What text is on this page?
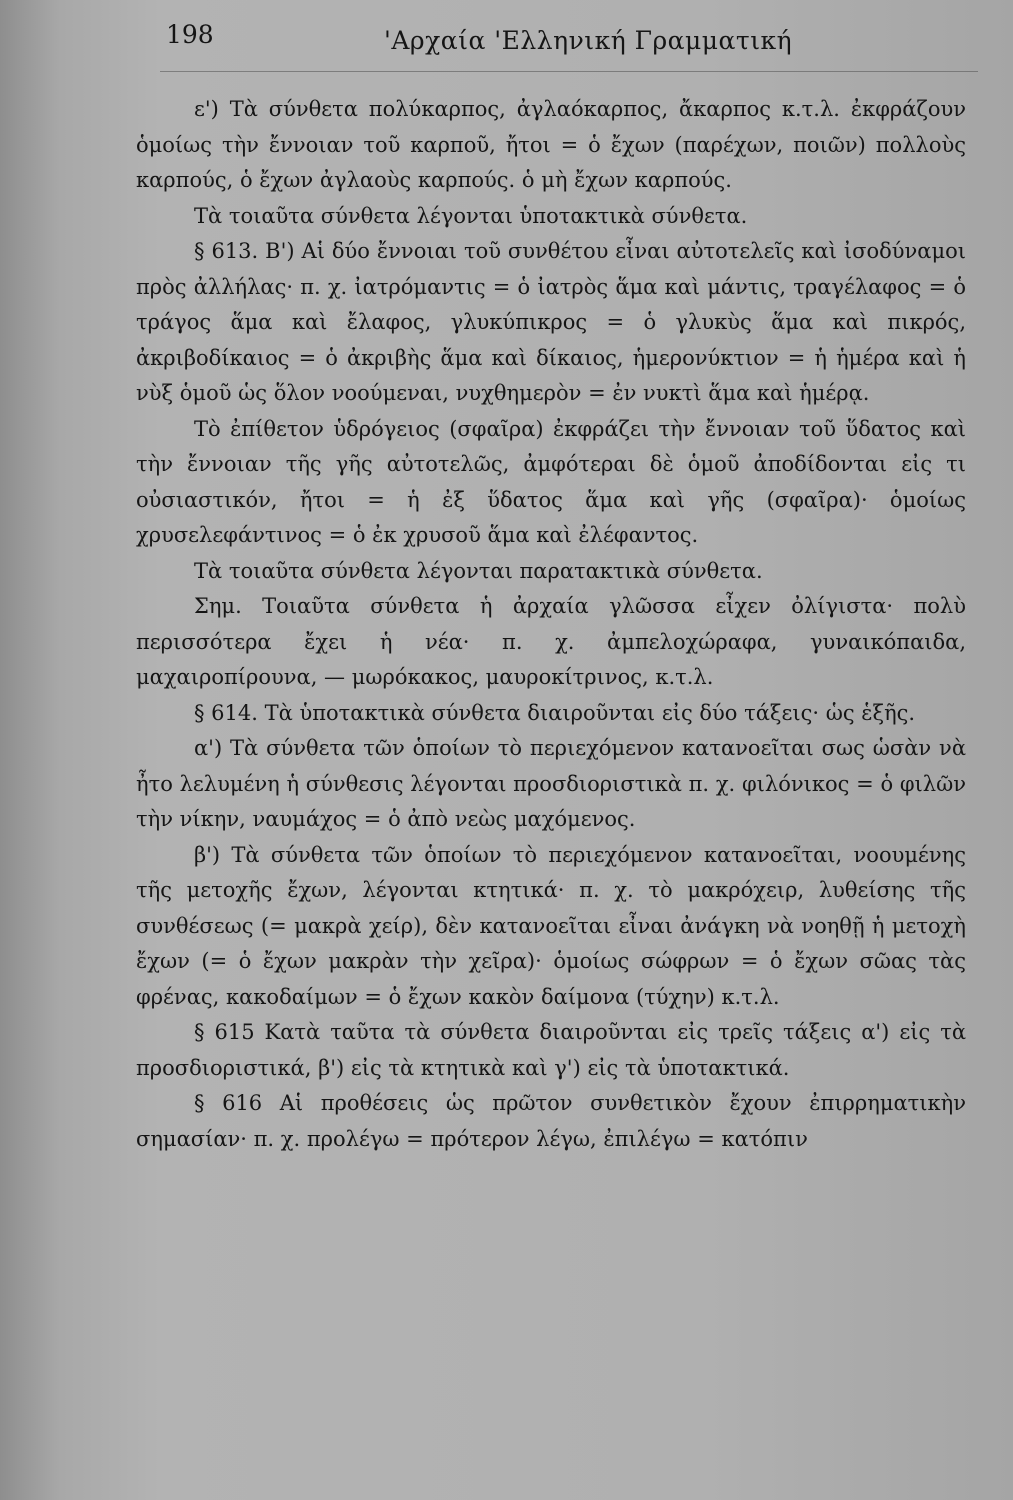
198	'Αρχαία 'Ελληνική Γραμματική

ε') Τὰ σύνθετα πολύκαρπος, ἀγλαόκαρπος, ἄκαρπος κ.τ.λ. ἐκφράζουν ὁμοίως τὴν ἔννοιαν τοῦ καρποῦ, ἤτοι = ὁ ἔχων (παρέχων, ποιῶν) πολλοὺς καρπούς, ὁ ἔχων ἀγλαοὺς καρπούς. ὁ μὴ ἔχων καρπούς.

Τὰ τοιαῦτα σύνθετα λέγονται ὑποτακτικὰ σύνθετα.

§ 613. Β') Αἱ δύο ἔννοιαι τοῦ συνθέτου εἶναι αὐτοτελεῖς καὶ ἰσοδύναμοι πρὸς ἀλλήλας· π. χ. ἰατρόμαντις = ὁ ἰατρὸς ἅμα καὶ μάντις, τραγέλαφος = ὁ τράγος ἅμα καὶ ἔλαφος, γλυκύπικρος = ὁ γλυκὺς ἅμα καὶ πικρός, ἀκριβοδίκαιος = ὁ ἀκριβὴς ἅμα καὶ δίκαιος, ἡμερονύκτιον = ἡ ἡμέρα καὶ ἡ νὺξ ὁμοῦ ὡς ὅλον νοούμεναι, νυχθημερὸν = ἐν νυκτὶ ἅμα καὶ ἡμέρᾳ.

Τὸ ἐπίθετον ὑδρόγειος (σφαῖρα) ἐκφράζει τὴν ἔννοιαν τοῦ ὕδατος καὶ τὴν ἔννοιαν τῆς γῆς αὐτοτελῶς, ἀμφότεραι δὲ ὁμοῦ ἀποδίδονται εἰς τι οὐσιαστικόν, ἤτοι = ἡ ἐξ ὕδατος ἅμα καὶ γῆς (σφαῖρα)· ὁμοίως χρυσελεφάντινος = ὁ ἐκ χρυσοῦ ἅμα καὶ ἐλέφαντος.

Τὰ τοιαῦτα σύνθετα λέγονται παρατακτικὰ σύνθετα.

Σημ. Τοιαῦτα σύνθετα ἡ ἀρχαία γλῶσσα εἶχεν ὀλίγιστα· πολὺ περισσότερα ἔχει ἡ νέα· π. χ. ἀμπελοχώραφα, γυναικόπαιδα, μαχαιροπίρουνα, — μωρόκακος, μαυροκίτρινος, κ.τ.λ.

§ 614. Τὰ ὑποτακτικὰ σύνθετα διαιροῦνται εἰς δύο τάξεις· ὡς ἑξῆς.

α') Τὰ σύνθετα τῶν ὁποίων τὸ περιεχόμενον κατανοεῖται σως ὡσὰν νὰ ἦτο λελυμένη ἡ σύνθεσις λέγονται προσδιοριστικὰ π. χ. φιλόνικος = ὁ φιλῶν τὴν νίκην, ναυμάχος = ὁ ἀπὸ νεὼς μαχόμενος.

β') Τὰ σύνθετα τῶν ὁποίων τὸ περιεχόμενον κατανοεῖται, νοουμένης τῆς μετοχῆς ἔχων, λέγονται κτητικά· π. χ. τὸ μακρόχειρ, λυθείσης τῆς συνθέσεως (= μακρὰ χείρ), δὲν κατανοεῖται εἶναι ἀνάγκη νὰ νοηθῇ ἡ μετοχὴ ἔχων (= ὁ ἔχων μακρὰν τὴν χεῖρα)· ὁμοίως σώφρων = ὁ ἔχων σῶας τὰς φρένας, κακοδαίμων = ὁ ἔχων κακὸν δαίμονα (τύχην) κ.τ.λ.

§ 615 Κατὰ ταῦτα τὰ σύνθετα διαιροῦνται εἰς τρεῖς τάξεις α') εἰς τὰ προσδιοριστικά, β') εἰς τὰ κτητικὰ καὶ γ') εἰς τὰ ὑποτακτικά.

§ 616 Αἱ προθέσεις ὡς πρῶτον συνθετικὸν ἔχουν ἐπιρρηματικὴν σημασίαν· π. χ. προλέγω = πρότερον λέγω, ἐπιλέγω = κατόπιν
